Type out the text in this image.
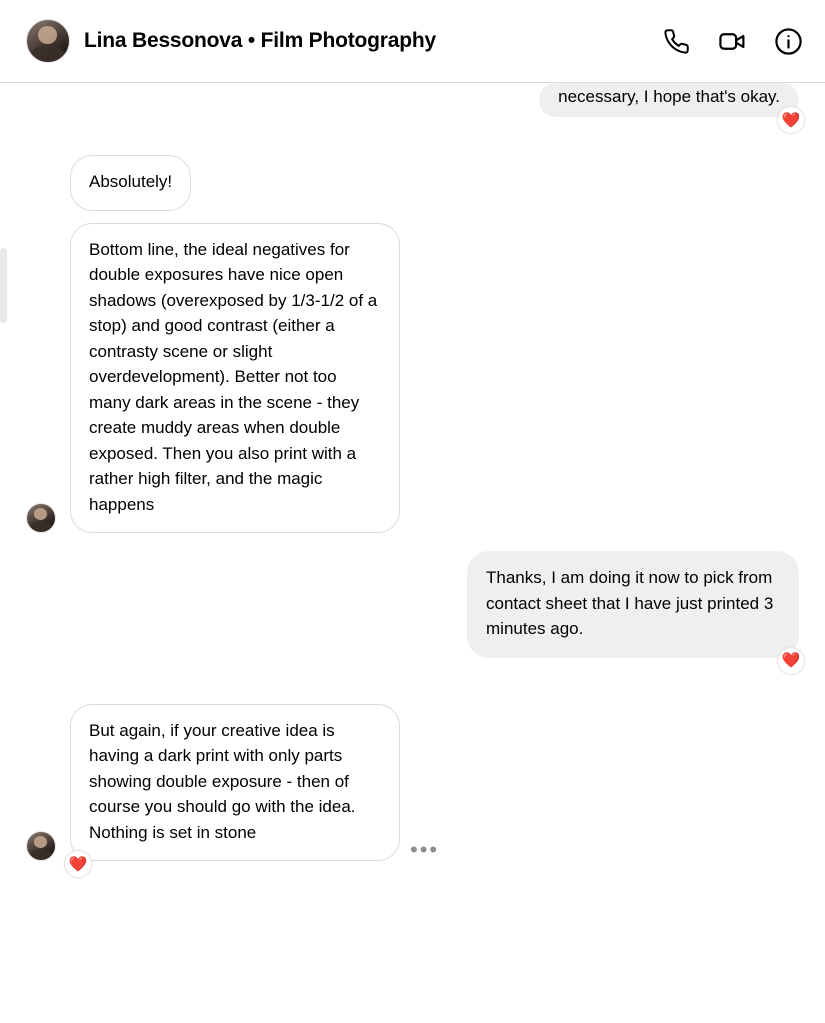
Lina Bessonova • Film Photography
necessary, I hope that's okay.
❤️
Absolutely!
Bottom line, the ideal negatives for double exposures have nice open shadows (overexposed by 1/3-1/2 of a stop) and good contrast (either a contrasty scene or slight overdevelopment). Better not too many dark areas in the scene - they create muddy areas when double exposed. Then you also print with a rather high filter, and the magic happens
Thanks, I am doing it now to pick from contact sheet that I have just printed 3 minutes ago.
❤️
But again, if your creative idea is having a dark print with only parts showing double exposure - then of course you should go with the idea. Nothing is set in stone
❤️
•••
